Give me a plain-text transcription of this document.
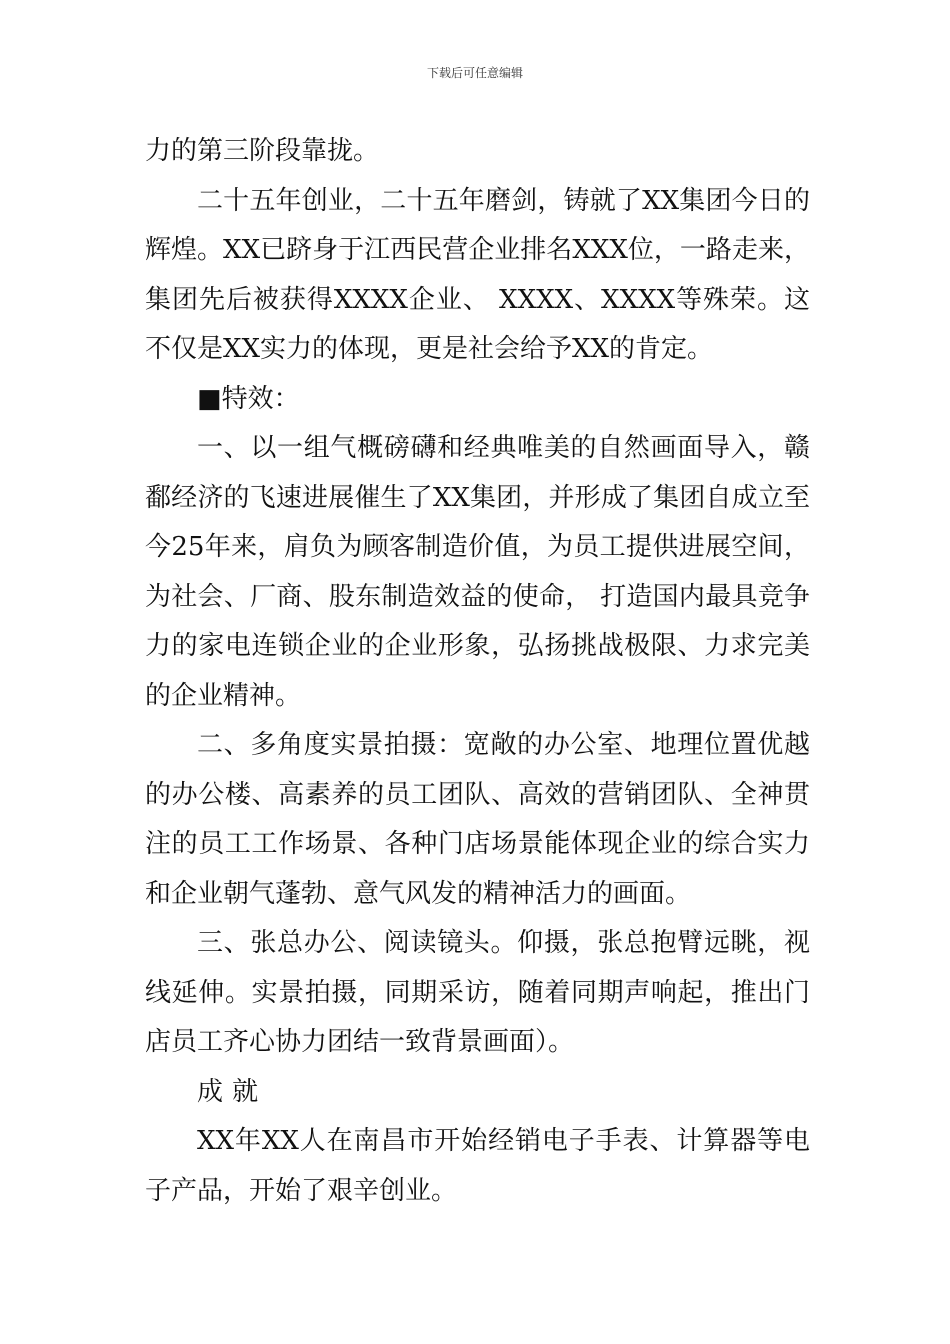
下载后可任意编辑

力的第三阶段靠拢。

二十五年创业，二十五年磨剑，铸就了XX集团今日的辉煌。XX已跻身于江西民营企业排名XXX位，一路走来，集团先后被获得XXXX企业、 XXXX、XXXX等殊荣。这不仅是XX实力的体现，更是社会给予XX的肯定。

■特效：

一、以一组气概磅礴和经典唯美的自然画面导入，赣鄱经济的飞速进展催生了XX集团，并形成了集团自成立至今25年来，肩负为顾客制造价值，为员工提供进展空间，为社会、厂商、股东制造效益的使命， 打造国内最具竞争力的家电连锁企业的企业形象，弘扬挑战极限、力求完美的企业精神。

二、多角度实景拍摄：宽敞的办公室、地理位置优越的办公楼、高素养的员工团队、高效的营销团队、全神贯注的员工工作场景、各种门店场景能体现企业的综合实力和企业朝气蓬勃、意气风发的精神活力的画面。

三、张总办公、阅读镜头。仰摄，张总抱臂远眺，视线延伸。实景拍摄，同期采访，随着同期声响起，推出门店员工齐心协力团结一致背景画面）。

成就

XX年XX人在南昌市开始经销电子手表、计算器等电子产品，开始了艰辛创业。
